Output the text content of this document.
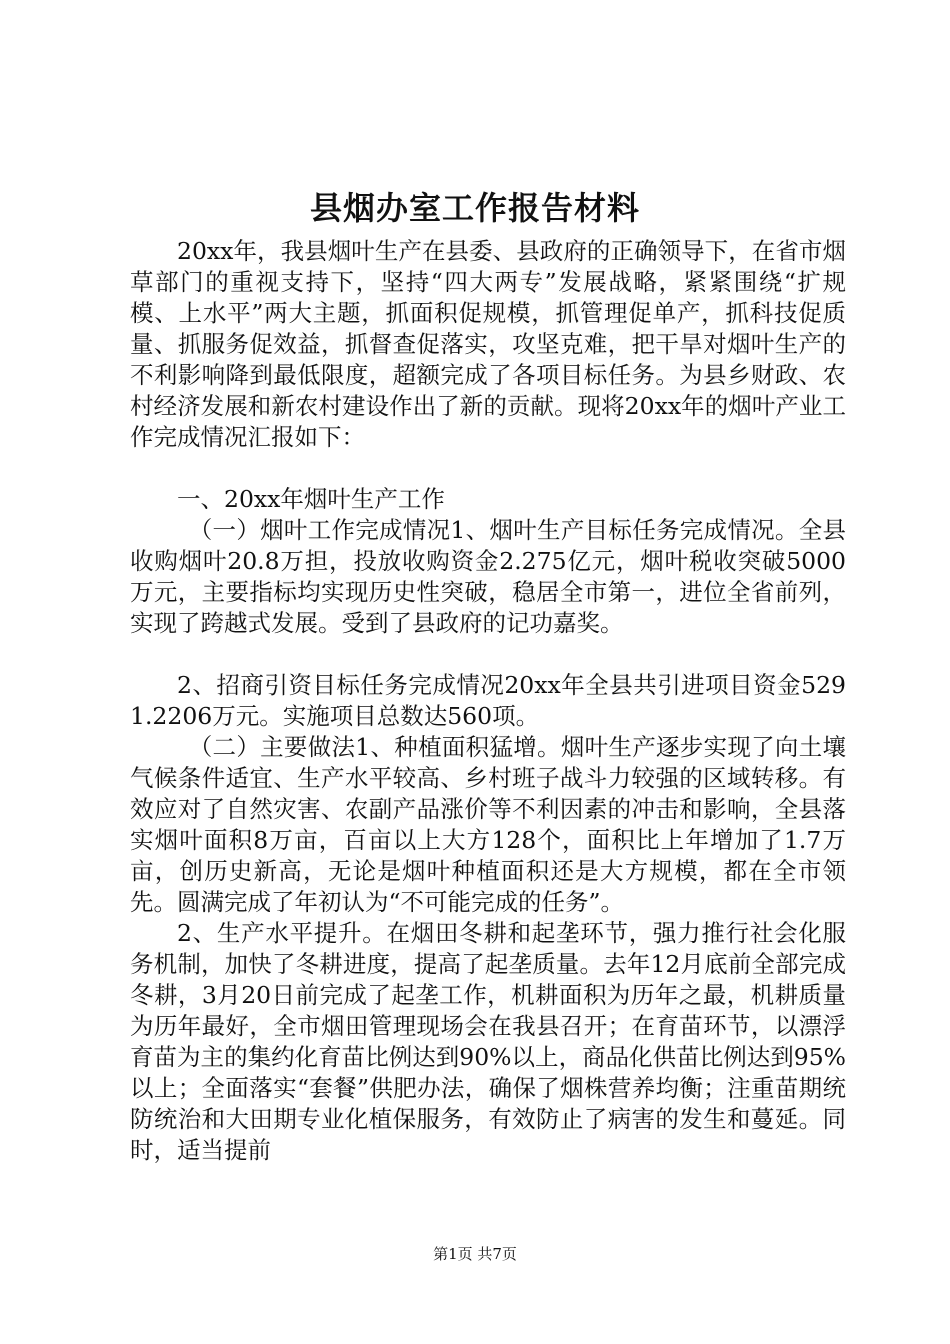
县烟办室工作报告材料

20xx年，我县烟叶生产在县委、县政府的正确领导下，在省市烟草部门的重视支持下，坚持“四大两专”发展战略，紧紧围绕“扩规模、上水平”两大主题，抓面积促规模，抓管理促单产，抓科技促质量、抓服务促效益，抓督查促落实，攻坚克难，把干旱对烟叶生产的不利影响降到最低限度，超额完成了各项目标任务。为县乡财政、农村经济发展和新农村建设作出了新的贡献。现将20xx年的烟叶产业工作完成情况汇报如下：

一、20xx年烟叶生产工作

（一）烟叶工作完成情况1、烟叶生产目标任务完成情况。全县收购烟叶20.8万担，投放收购资金2.275亿元，烟叶税收突破5000万元，主要指标均实现历史性突破，稳居全市第一，进位全省前列，实现了跨越式发展。受到了县政府的记功嘉奖。

2、招商引资目标任务完成情况20xx年全县共引进项目资金5291.2206万元。实施项目总数达560项。

（二）主要做法1、种植面积猛增。烟叶生产逐步实现了向土壤气候条件适宜、生产水平较高、乡村班子战斗力较强的区域转移。有效应对了自然灾害、农副产品涨价等不利因素的冲击和影响，全县落实烟叶面积8万亩，百亩以上大方128个，面积比上年增加了1.7万亩，创历史新高，无论是烟叶种植面积还是大方规模，都在全市领先。圆满完成了年初认为“不可能完成的任务”。

2、生产水平提升。在烟田冬耕和起垄环节，强力推行社会化服务机制，加快了冬耕进度，提高了起垄质量。去年12月底前全部完成冬耕，3月20日前完成了起垄工作，机耕面积为历年之最，机耕质量为历年最好，全市烟田管理现场会在我县召开；在育苗环节，以漂浮育苗为主的集约化育苗比例达到90%以上，商品化供苗比例达到95%以上；全面落实“套餐”供肥办法，确保了烟株营养均衡；注重苗期统防统治和大田期专业化植保服务，有效防止了病害的发生和蔓延。同时，适当提前

第1页 共7页
